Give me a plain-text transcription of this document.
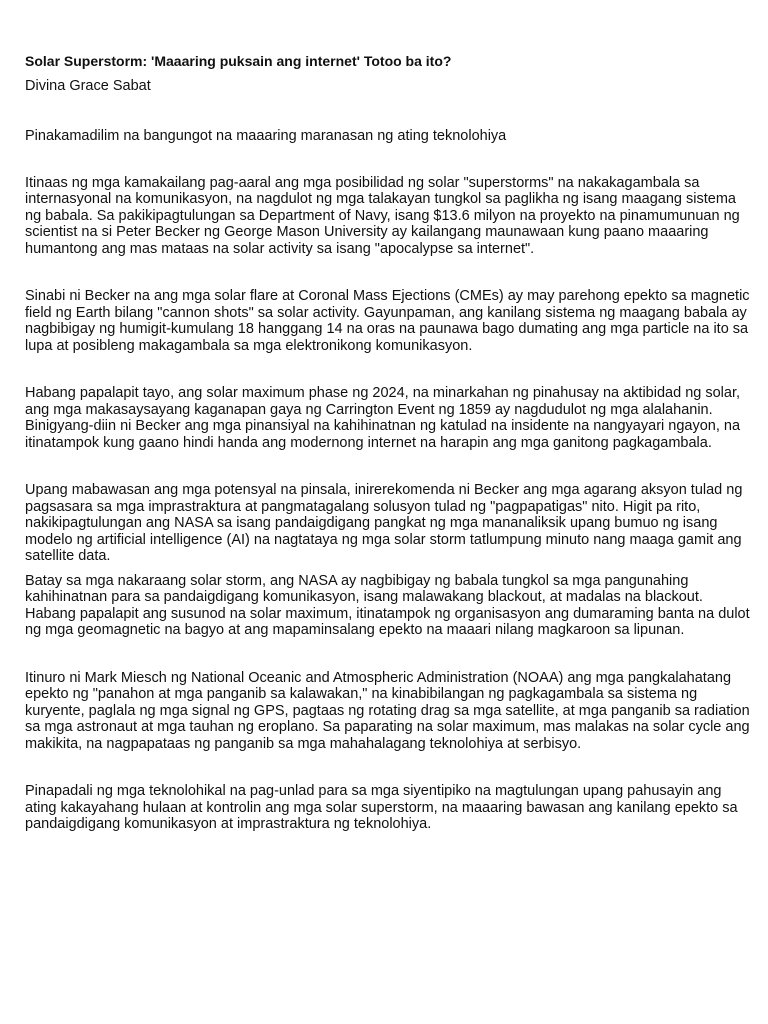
Solar Superstorm: 'Maaaring puksain ang internet' Totoo ba ito?

Divina Grace Sabat

Pinakamadilim na bangungot na maaaring maranasan ng ating teknolohiya

Itinaas ng mga kamakailang pag-aaral ang mga posibilidad ng solar "superstorms" na nakakagambala sa internasyonal na komunikasyon, na nagdulot ng mga talakayan tungkol sa paglikha ng isang maagang sistema ng babala. Sa pakikipagtulungan sa Department of Navy, isang $13.6 milyon na proyekto na pinamumunuan ng scientist na si Peter Becker ng George Mason University ay kailangang maunawaan kung paano maaaring humantong ang mas mataas na solar activity sa isang "apocalypse sa internet".

Sinabi ni Becker na ang mga solar flare at Coronal Mass Ejections (CMEs) ay may parehong epekto sa magnetic field ng Earth bilang "cannon shots" sa solar activity. Gayunpaman, ang kanilang sistema ng maagang babala ay nagbibigay ng humigit-kumulang 18 hanggang 14 na oras na paunawa bago dumating ang mga particle na ito sa lupa at posibleng makagambala sa mga elektronikong komunikasyon.

Habang papalapit tayo, ang solar maximum phase ng 2024, na minarkahan ng pinahusay na aktibidad ng solar, ang mga makasaysayang kaganapan gaya ng Carrington Event ng 1859 ay nagdudulot ng mga alalahanin. Binigyang-diin ni Becker ang mga pinansiyal na kahihinatnan ng katulad na insidente na nangyayari ngayon, na itinatampok kung gaano hindi handa ang modernong internet na harapin ang mga ganitong pagkagambala.

Upang mabawasan ang mga potensyal na pinsala, inirerekomenda ni Becker ang mga agarang aksyon tulad ng pagsasara sa mga imprastraktura at pangmatagalang solusyon tulad ng "pagpapatigas" nito. Higit pa rito, nakikipagtulungan ang NASA sa isang pandaigdigang pangkat ng mga mananaliksik upang bumuo ng isang modelo ng artificial intelligence (AI) na nagtataya ng mga solar storm tatlumpung minuto nang maaga gamit ang satellite data.

Batay sa mga nakaraang solar storm, ang NASA ay nagbibigay ng babala tungkol sa mga pangunahing kahihinatnan para sa pandaigdigang komunikasyon, isang malawakang blackout, at madalas na blackout. Habang papalapit ang susunod na solar maximum, itinatampok ng organisasyon ang dumaraming banta na dulot ng mga geomagnetic na bagyo at ang mapaminsalang epekto na maaari nilang magkaroon sa lipunan.

Itinuro ni Mark Miesch ng National Oceanic and Atmospheric Administration (NOAA) ang mga pangkalahatang epekto ng "panahon at mga panganib sa kalawakan," na kinabibilangan ng pagkagambala sa sistema ng kuryente, paglala ng mga signal ng GPS, pagtaas ng rotating drag sa mga satellite, at mga panganib sa radiation sa mga astronaut at mga tauhan ng eroplano. Sa paparating na solar maximum, mas malakas na solar cycle ang makikita, na nagpapataas ng panganib sa mga mahahalagang teknolohiya at serbisyo.

Pinapadali ng mga teknolohikal na pag-unlad para sa mga siyentipiko na magtulungan upang pahusayin ang ating kakayahang hulaan at kontrolin ang mga solar superstorm, na maaaring bawasan ang kanilang epekto sa pandaigdigang komunikasyon at imprastraktura ng teknolohiya.
